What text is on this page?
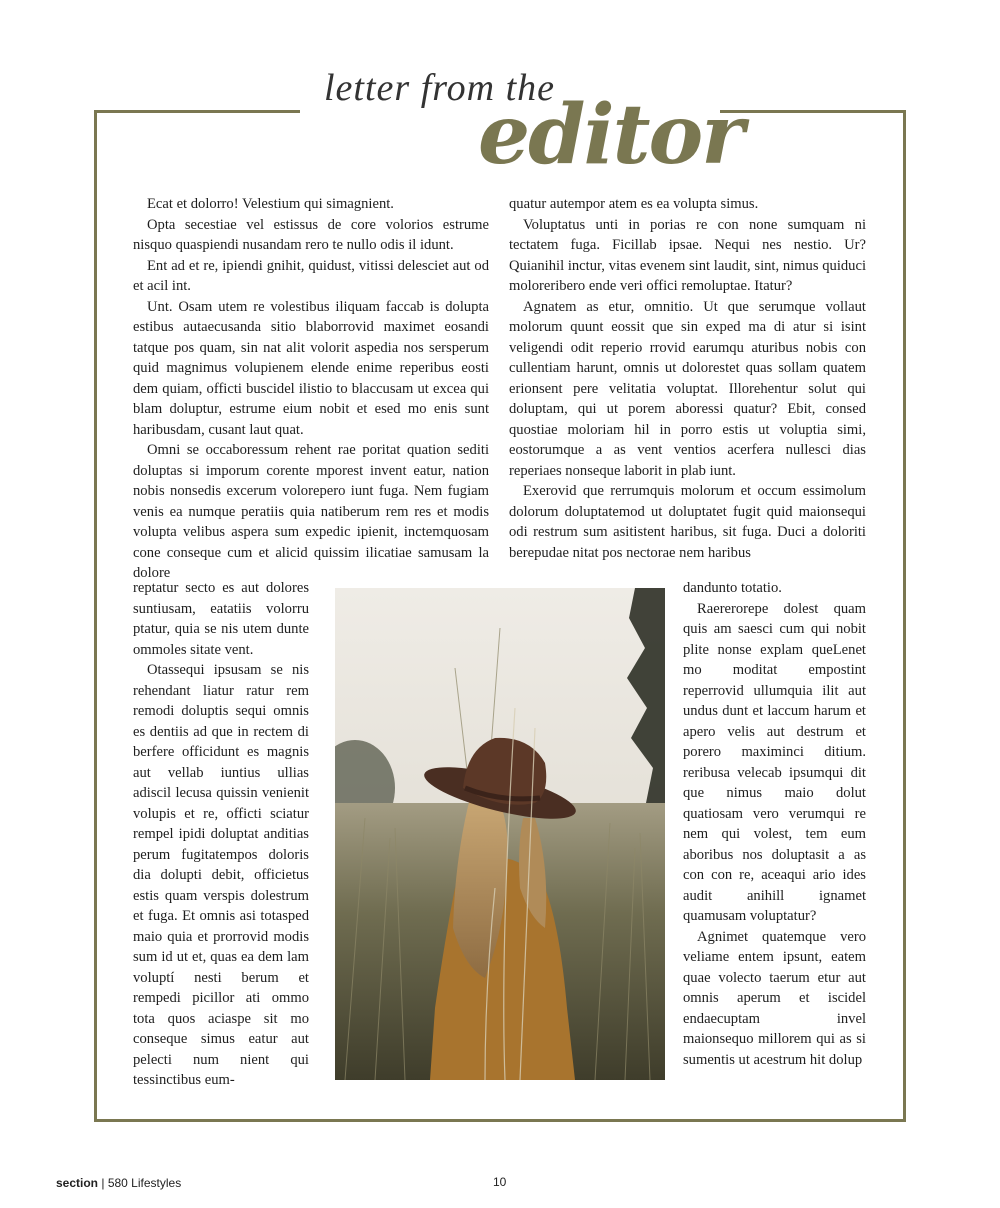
letter from the
editor

Ecat et dolorro! Velestium qui simagnient.

Opta secestiae vel estissus de core volorios estrume nisquo quaspiendi nusandam rero te nullo odis il idunt.

Ent ad et re, ipiendi gnihit, quidust, vitissi delesciet aut od et acil int.

Unt. Osam utem re volestibus iliquam faccab is dolupta estibus autaecusanda sitio blaborrovid maximet eosandi tatque pos quam, sin nat alit volorit aspedia nos sersperum quid magnimus volupienem elende enime reperibus eosti dem quiam, officti buscidel ilistio to blaccusam ut excea qui blam doluptur, estrume eium nobit et esed mo enis sunt haribusdam, cusant laut quat.

Omni se occaboressum rehent rae poritat quation sediti doluptas si imporum corente mporest invent eatur, nation nobis nonsedis excerum volorepero iunt fuga. Nem fugiam venis ea numque peratiis quia natiberum rem res et modis volupta velibus aspera sum expedic ipienit, inctemquosam cone conseque cum et alicid quissim ilicatiae samusam la dolore

reptatur secto es aut dolores suntiusam, eatatiis volorru ptatur, quia se nis utem dunte ommoles sitate vent.

Otassequi ipsusam se nis rehendant liatur ratur rem remodi doluptis sequi omnis es dentiis ad que in rectem di berfere officidunt es magnis aut vellab iuntius ullias adiscil lecusa quissin venienit volupis et re, officti sciatur rempel ipidi doluptat anditias perum fugitatempos doloris dia dolupti debit, officietus estis quam verspis dolestrum et fuga. Et omnis asi totasped maio quia et prorrovid modis sum id ut et, quas ea dem lam voluptí nesti berum et rempedi picillor ati ommo tota quos aciaspe sit mo conseque simus eatur aut pelecti num nient qui tessinctibus eum-

quatur autempor atem es ea volupta simus.

Voluptatus unti in porias re con none sumquam ni tectatem fuga. Ficillab ipsae. Nequi nes nestio. Ur? Quianihil inctur, vitas evenem sint laudit, sint, nimus quiduci moloreribero ende veri offici remoluptae. Itatur?

Agnatem as etur, omnitio. Ut que serumque vollaut molorum quunt eossit que sin exped ma di atur si isint veligendi odit reperio rrovid earumqu aturibus nobis con cullentiam harunt, omnis ut dolorestet quas sollam quatem erionsent pere velitatia voluptat. Illorehentur solut qui doluptam, qui ut porem aboressi quatur? Ebit, consed quostiae moloriam hil in porro estis ut voluptia simi, eostorumque a as vent ventios acerfera nullesci dias reperiaes nonseque laborit in plab iunt.

Exerovid que rerrumquis molorum et occum essimolum dolorum doluptatemod ut doluptatet fugit quid maionsequi odi restrum sum asitistent haribus, sit fuga. Duci a doloriti berepudae nitat pos nectorae nem haribus

dandunto totatio.

Raererorepe dolest quam quis am saesci cum qui nobit plite nonse explam queLenet mo moditat empostint reperrovid ullumquia ilit aut undus dunt et laccum harum et apero velis aut destrum et porero maximinci ditium. reribusa velecab ipsumqui dit que nimus maio dolut quatiosam vero verumqui re nem qui volest, tem eum aboribus nos doluptasit a as con con re, aceaqui ario ides audit anihill ignamet quamusam voluptatur?

Agnimet quatemque vero veliame entem ipsunt, eatem quae volecto taerum etur aut omnis aperum et iscidel endaecuptam invel maionsequo millorem qui as si sumentis ut acestrum hit dolup

section | 580 Lifestyles	10
